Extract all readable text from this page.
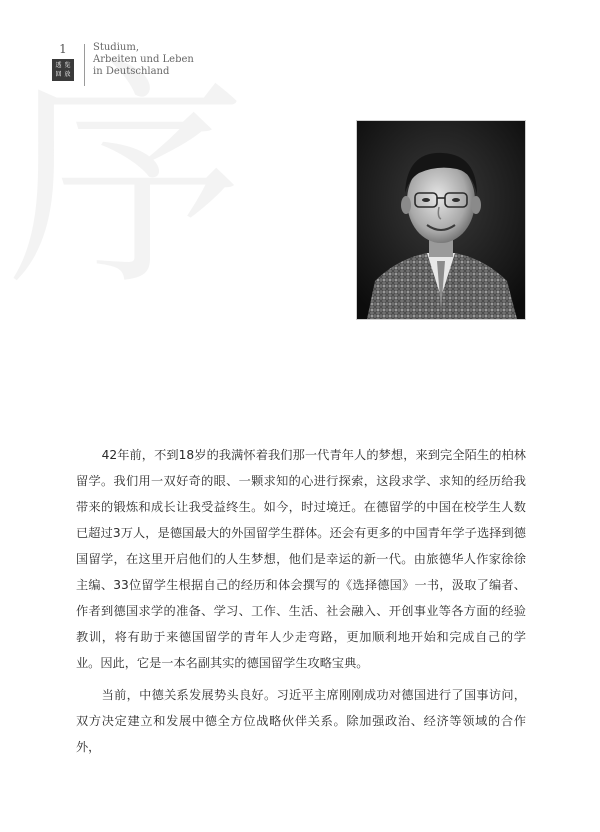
1
透 览
回 放
Studium,
Arbeiten und Leben
in Deutschland

42年前，不到18岁的我满怀着我们那一代青年人的梦想，来到完全陌生的柏林留学。我们用一双好奇的眼、一颗求知的心进行探索，这段求学、求知的经历给我带来的锻炼和成长让我受益终生。如今，时过境迁。在德留学的中国在校学生人数已超过3万人，是德国最大的外国留学生群体。还会有更多的中国青年学子选择到德国留学，在这里开启他们的人生梦想，他们是幸运的新一代。由旅德华人作家徐徐主编、33位留学生根据自己的经历和体会撰写的《选择德国》一书，汲取了编者、作者到德国求学的准备、学习、工作、生活、社会融入、开创事业等各方面的经验教训，将有助于来德国留学的青年人少走弯路，更加顺利地开始和完成自己的学业。因此，它是一本名副其实的德国留学生攻略宝典。

当前，中德关系发展势头良好。习近平主席刚刚成功对德国进行了国事访问，双方决定建立和发展中德全方位战略伙伴关系。除加强政治、经济等领域的合作外，
